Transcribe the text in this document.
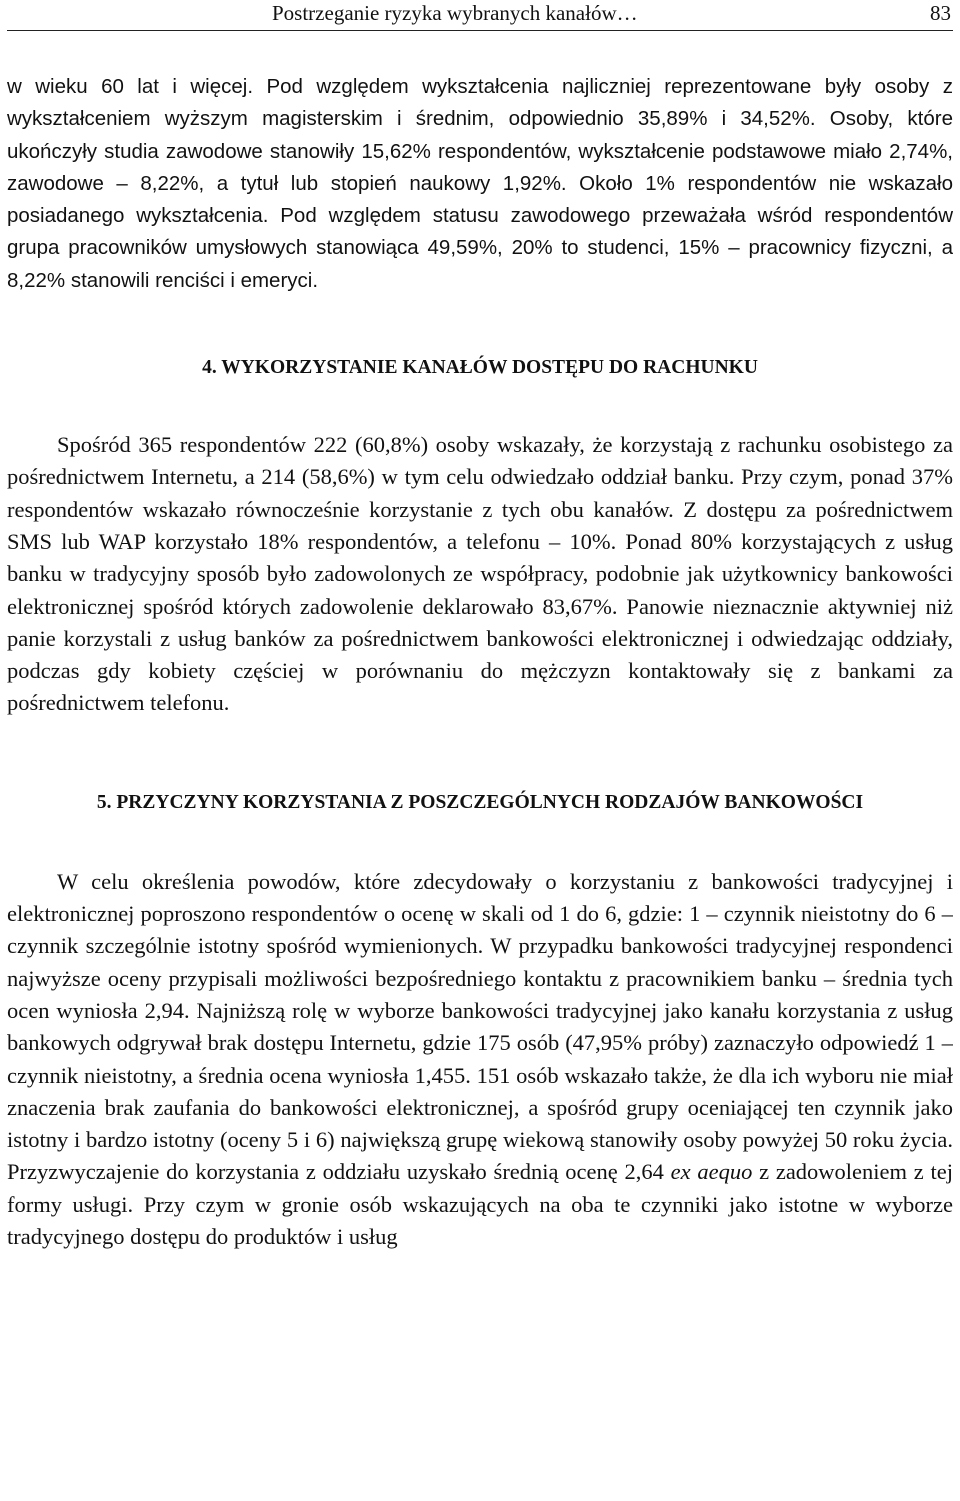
Postrzeganie ryzyka wybranych kanałów…	83

w wieku 60 lat i więcej. Pod względem wykształcenia najliczniej reprezentowane były osoby z wykształceniem wyższym magisterskim i średnim, odpowiednio 35,89% i 34,52%. Osoby, które ukończyły studia zawodowe stanowiły 15,62% respondentów, wykształcenie podstawowe miało 2,74%, zawodowe – 8,22%, a tytuł lub stopień naukowy 1,92%. Około 1% respondentów nie wskazało posiadanego wykształcenia. Pod względem statusu zawodowego przeważała wśród respondentów grupa pracowników umysłowych stanowiąca 49,59%, 20% to studenci, 15% – pracownicy fizyczni, a 8,22% stanowili renciści i emeryci.

4. WYKORZYSTANIE KANAŁÓW DOSTĘPU DO RACHUNKU

Spośród 365 respondentów 222 (60,8%) osoby wskazały, że korzystają z rachunku osobistego za pośrednictwem Internetu, a 214 (58,6%) w tym celu odwiedzało oddział banku. Przy czym, ponad 37% respondentów wskazało równocześnie korzystanie z tych obu kanałów. Z dostępu za pośrednictwem SMS lub WAP korzystało 18% respondentów, a telefonu – 10%. Ponad 80% korzystających z usług banku w tradycyjny sposób było zadowolonych ze współpracy, podobnie jak użytkownicy bankowości elektronicznej spośród których zadowolenie deklarowało 83,67%. Panowie nieznacznie aktywniej niż panie korzystali z usług banków za pośrednictwem bankowości elektronicznej i odwiedzając oddziały, podczas gdy kobiety częściej w porównaniu do mężczyzn kontaktowały się z bankami za pośrednictwem telefonu.

5. PRZYCZYNY KORZYSTANIA Z POSZCZEGÓLNYCH RODZAJÓW BANKOWOŚCI

W celu określenia powodów, które zdecydowały o korzystaniu z bankowości tradycyjnej i elektronicznej poproszono respondentów o ocenę w skali od 1 do 6, gdzie: 1 – czynnik nieistotny do 6 – czynnik szczególnie istotny spośród wymienionych. W przypadku bankowości tradycyjnej respondenci najwyższe oceny przypisali możliwości bezpośredniego kontaktu z pracownikiem banku – średnia tych ocen wyniosła 2,94. Najniższą rolę w wyborze bankowości tradycyjnej jako kanału korzystania z usług bankowych odgrywał brak dostępu Internetu, gdzie 175 osób (47,95% próby) zaznaczyło odpowiedź 1 – czynnik nieistotny, a średnia ocena wyniosła 1,455. 151 osób wskazało także, że dla ich wyboru nie miał znaczenia brak zaufania do bankowości elektronicznej, a spośród grupy oceniającej ten czynnik jako istotny i bardzo istotny (oceny 5 i 6) największą grupę wiekową stanowiły osoby powyżej 50 roku życia. Przyzwyczajenie do korzystania z oddziału uzyskało średnią ocenę 2,64 ex aequo z zadowoleniem z tej formy usługi. Przy czym w gronie osób wskazujących na oba te czynniki jako istotne w wyborze tradycyjnego dostępu do produktów i usług
